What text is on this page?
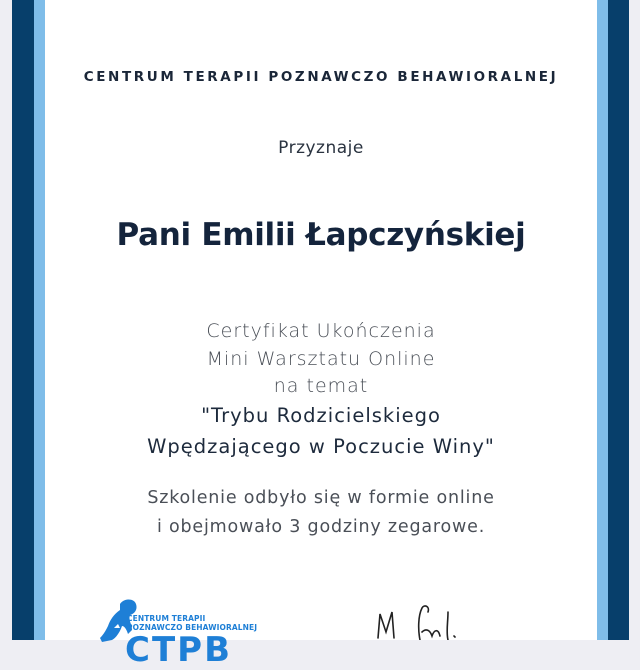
CENTRUM TERAPII POZNAWCZO BEHAWIORALNEJ
Przyznaje
Pani Emilii Łapczyńskiej
Certyfikat Ukończenia
Mini Warsztatu Online
na temat
"Trybu Rodzicielskiego
Wpędzającego w Poczucie Winy"
Szkolenie odbyło się w formie online
i obejmowało 3 godziny zegarowe.
CENTRUM TERAPII
POZNAWCZO BEHAWIORALNEJ
CTPB
